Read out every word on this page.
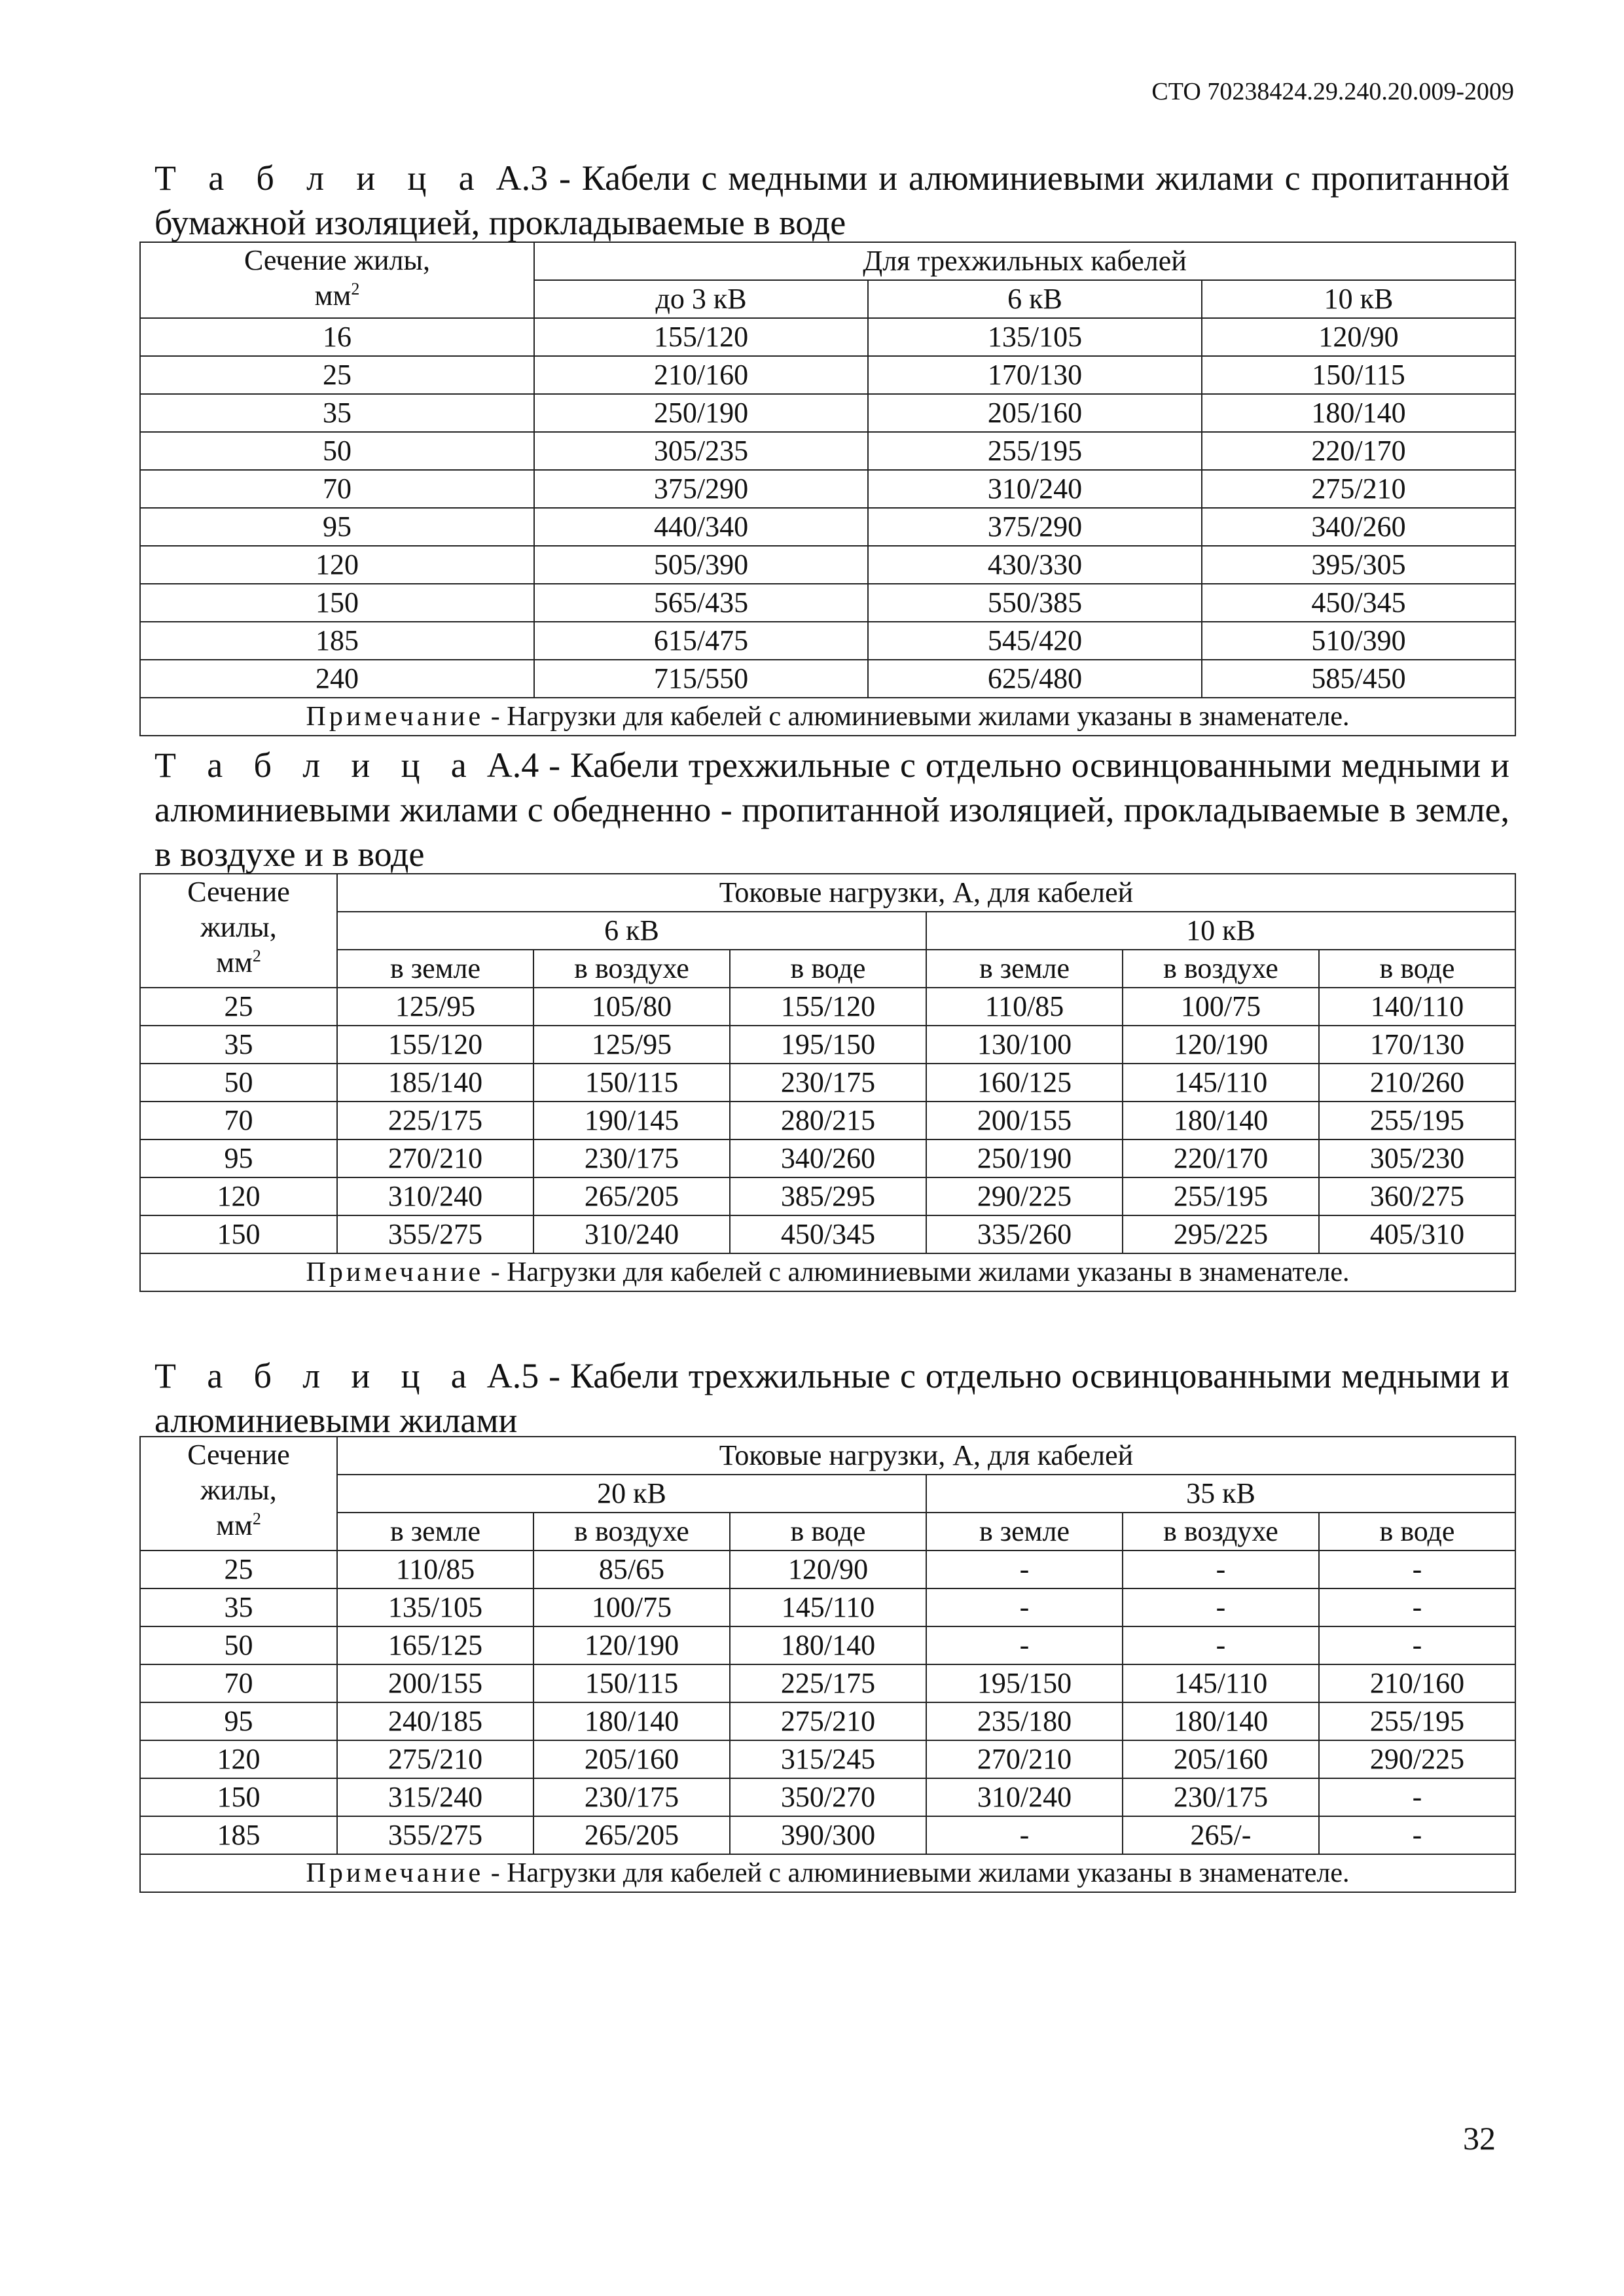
СТО 70238424.29.240.20.009-2009
Т а б л и ц а А.3 - Кабели с медными и алюминиевыми жилами с пропитанной бумажной изоляцией, прокладываемые в воде
Сечение жилы,
$мм^2$	Для трехжильных кабелей		
	до 3 кВ	6 кВ	10 кВ
16	155/120	135/105	120/90
25	210/160	170/130	150/115
35	250/190	205/160	180/140
50	305/235	255/195	220/170
70	375/290	310/240	275/210
95	440/340	375/290	340/260
120	505/390	430/330	395/305
150	565/435	550/385	450/345
185	615/475	545/420	510/390
240	715/550	625/480	585/450
Примечание - Нагрузки для кабелей с алюминиевыми жилами указаны в знаменателе.			
Т а б л и ц а А.4 - Кабели трехжильные с отдельно освинцованными медными и алюминиевыми жилами с обедненно - пропитанной изоляцией, прокладываемые в земле, в воздухе и в воде
Сечение
жилы,
$мм^2$	Токовые нагрузки, А, для кабелей					
	6 кВ			10 кВ		
	в земле	в воздухе	в воде	в земле	в воздухе	в воде
25	125/95	105/80	155/120	110/85	100/75	140/110
35	155/120	125/95	195/150	130/100	120/190	170/130
50	185/140	150/115	230/175	160/125	145/110	210/260
70	225/175	190/145	280/215	200/155	180/140	255/195
95	270/210	230/175	340/260	250/190	220/170	305/230
120	310/240	265/205	385/295	290/225	255/195	360/275
150	355/275	310/240	450/345	335/260	295/225	405/310
Примечание - Нагрузки для кабелей с алюминиевыми жилами указаны в знаменателе.						
Т а б л и ц а А.5 - Кабели трехжильные с отдельно освинцованными медными и алюминиевыми жилами
Сечение
жилы,
$мм^2$	Токовые нагрузки, А, для кабелей					
	20 кВ			35 кВ		
	в земле	в воздухе	в воде	в земле	в воздухе	в воде
25	110/85	85/65	120/90	-	-	-
35	135/105	100/75	145/110	-	-	-
50	165/125	120/190	180/140	-	-	-
70	200/155	150/115	225/175	195/150	145/110	210/160
95	240/185	180/140	275/210	235/180	180/140	255/195
120	275/210	205/160	315/245	270/210	205/160	290/225
150	315/240	230/175	350/270	310/240	230/175	-
185	355/275	265/205	390/300	-	265/-	-
Примечание - Нагрузки для кабелей с алюминиевыми жилами указаны в знаменателе.						
32
